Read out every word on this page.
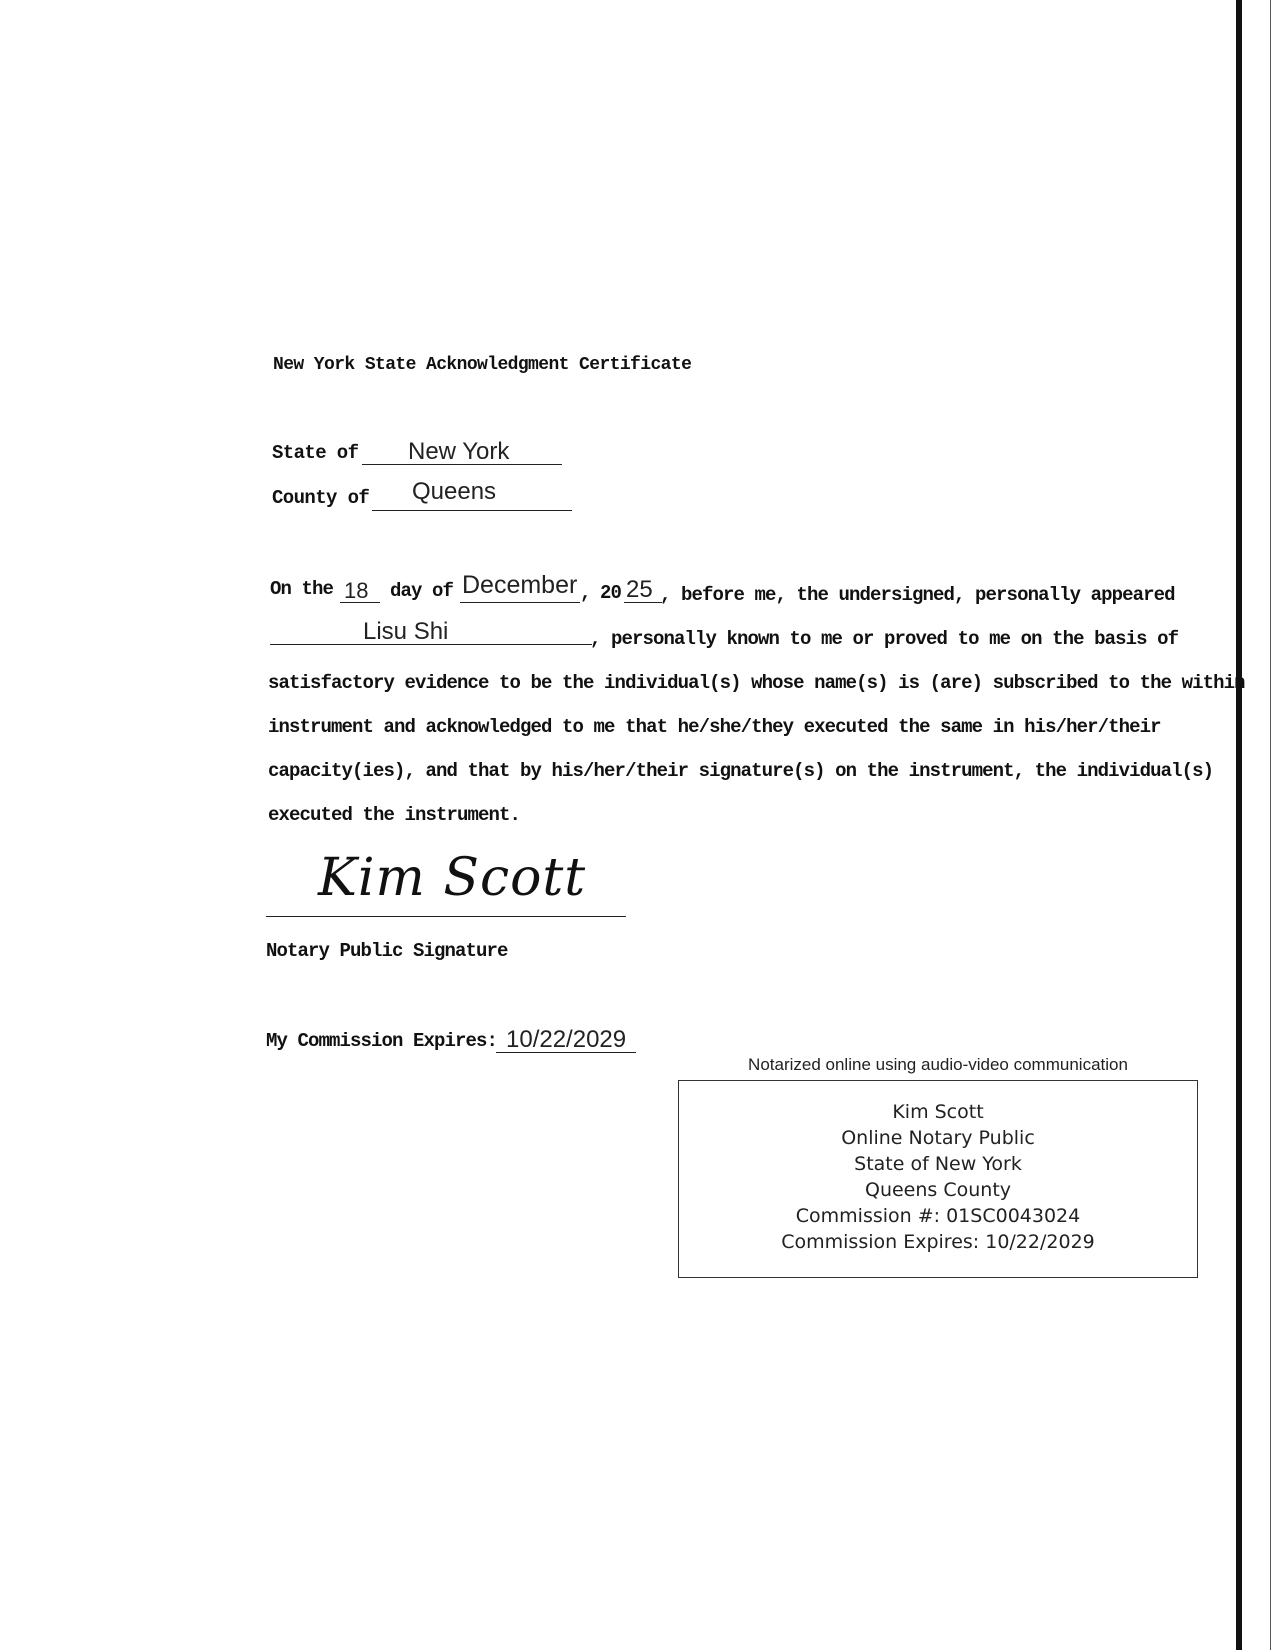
New York State Acknowledgment Certificate
State of New York
County of Queens
On the 18 day of December , 20 25 , before me, the undersigned, personally appeared
Lisu Shi	, personally known to me or proved to me on the basis of
satisfactory evidence to be the individual(s) whose name(s) is (are) subscribed to the within
instrument and acknowledged to me that he/she/they executed the same in his/her/their
capacity(ies), and that by his/her/their signature(s) on the instrument, the individual(s)
executed the instrument.
Kim Scott
Notary Public Signature
My Commission Expires: 10/22/2029
Notarized online using audio-video communication
Kim Scott
Online Notary Public
State of New York
Queens County
Commission #: 01SC0043024
Commission Expires: 10/22/2029
